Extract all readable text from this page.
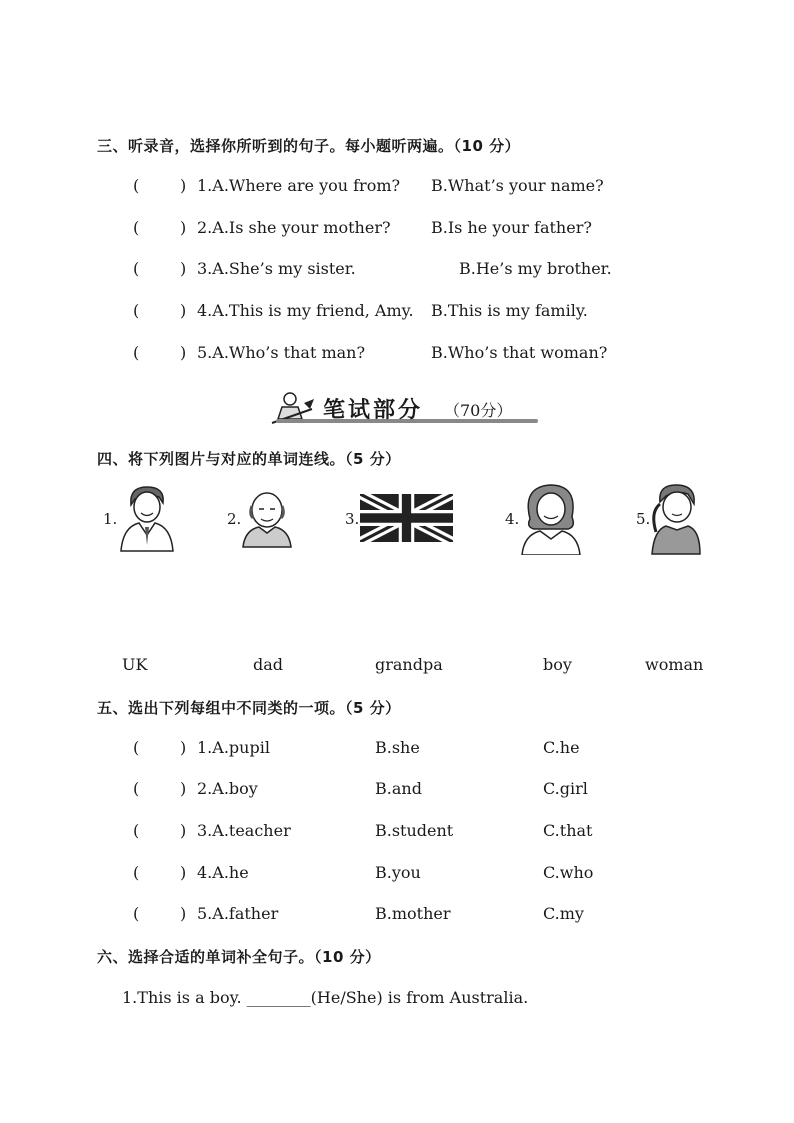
三、听录音，选择你所听到的句子。每小题听两遍。（10 分）
(	) 1.A.Where are you from? B.What’s your name?
(	) 2.A.Is she your mother?	B.Is he your father?
(	) 3.A.She’s my sister.	B.He’s my brother.
(	) 4.A.This is my friend, Amy. B.This is my family.
(	) 5.A.Who’s that man?	B.Who’s that woman?
笔试部分 （70分）
四、将下列图片与对应的单词连线。（5 分）
1.	2.	3.	4.	5.
UK	dad	grandpa	boy	woman
五、选出下列每组中不同类的一项。（5 分）
(	) 1.A.pupil	B.she	C.he
(	) 2.A.boy	B.and	C.girl
(	) 3.A.teacher	B.student	C.that
(	) 4.A.he	B.you	C.who
(	) 5.A.father	B.mother	C.my
六、选择合适的单词补全句子。（10 分）
1.This is a boy. ________(He/She) is from Australia.
